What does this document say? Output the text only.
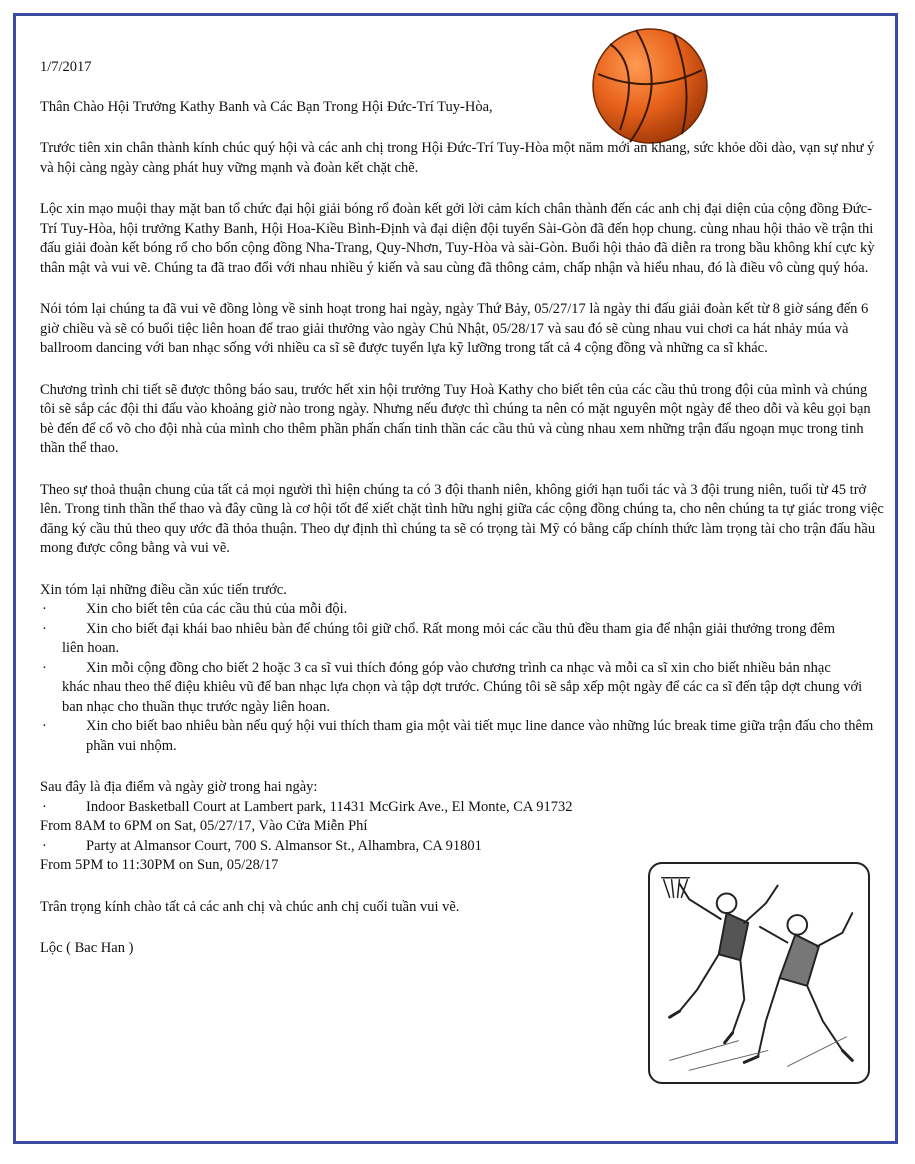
1/7/2017

Thân Chào Hội Trưởng Kathy Banh và Các Bạn Trong Hội Đức-Trí Tuy-Hòa,

Trước tiên xin chân thành kính chúc quý hội và các anh chị trong Hội Đức-Trí Tuy-Hòa một năm mới an khang, sức khỏe dồi dào, vạn sự như ý và hội càng ngày càng phát huy vững mạnh và đoàn kết chặt chẽ.

Lộc xin mạo muội thay mặt ban tổ chức đại hội giải bóng rổ đoàn kết gởi lời cảm kích chân thành đến các anh chị đại diện của cộng đồng Đức-Trí Tuy-Hòa, hội trưởng Kathy Banh, Hội Hoa-Kiều Bình-Định và đại diện đội tuyển Sài-Gòn đã đến họp chung. cùng nhau hội thảo về trận thi đấu giải đoàn kết bóng rổ cho bốn cộng đồng Nha-Trang, Quy-Nhơn, Tuy-Hòa và sài-Gòn. Buổi hội thảo đã diễn ra trong bầu không khí cực kỳ thân mật và vui vẽ. Chúng ta đã trao đổi với nhau nhiều ý kiến và sau cùng đã thông cảm, chấp nhận và hiểu nhau, đó là điều vô cùng quý hóa.

Nói tóm lại chúng ta đã vui vẽ đồng lòng về sinh hoạt trong hai ngày, ngày Thứ Bảy, 05/27/17 là ngày thi đấu giải đoàn kết từ 8 giờ sáng đến 6 giờ chiều và sẽ có buổi tiệc liên hoan để trao giải thưởng vào ngày Chủ Nhật, 05/28/17 và sau đó sẽ cùng nhau vui chơi ca hát nhảy múa và ballroom dancing với ban nhạc sống với nhiều ca sĩ sẽ được tuyển lựa kỹ lưỡng trong tất cả 4 cộng đồng và những ca sĩ khác.

Chương trình chi tiết sẽ được thông báo sau, trước hết xin hội trưởng Tuy Hoà Kathy cho biết tên của các cầu thủ trong đội của mình và chúng tôi sẽ sắp các đội thi đấu vào khoảng giờ nào trong ngày. Nhưng nếu được thì chúng ta nên có mặt nguyên một ngày để theo dỗi và kêu gọi bạn bè đến để cổ võ cho đội nhà của mình cho thêm phần phấn chấn tinh thần các cầu thủ và cùng nhau xem những trận đấu ngoạn mục trong tinh thần thể thao.

Theo sự thoả thuận chung của tất cả mọi người thì hiện chúng ta có 3 đội thanh niên, không giới hạn tuổi tác và 3 đội trung niên, tuổi từ 45 trở lên. Trong tinh thần thể thao và đây cũng là cơ hội tốt để xiết chặt tình hữu nghị giữa các cộng đồng chúng ta, cho nên chúng ta tự giác trong việc đăng ký cầu thủ theo quy ước đã thỏa thuận. Theo dự định thì chúng ta sẽ có trọng tài Mỹ có bằng cấp chính thức làm trọng tài cho trận đấu hầu mong được công bằng và vui vẽ.

Xin tóm lại những điều cần xúc tiến trước.

·	Xin cho biết tên của các cầu thủ của mỗi đội.

·	Xin cho biết đại khái bao nhiêu bàn để chúng tôi giữ chổ. Rất mong mỏi các cầu thủ đều tham gia để nhận giải thưởng trong đêm

liên hoan.

·	Xin mỗi cộng đồng cho biết 2 hoặc 3 ca sĩ vui thích đóng góp vào chương trình ca nhạc và mỗi ca sĩ xin cho biết nhiều bản nhạc

khác nhau theo thể điệu khiêu vũ để ban nhạc lựa chọn và tập dợt trước. Chúng tôi sẽ sắp xếp một ngày để các ca sĩ đến tập dợt chung với ban nhạc cho thuần thục trước ngày liên hoan.

·	Xin cho biết bao nhiêu bàn nếu quý hội vui thích tham gia một vài tiết mục line dance vào những lúc break time giữa trận đấu cho thêm phần vui nhộm.

Sau đây là địa điểm và ngày giờ trong hai ngày:

·	Indoor Basketball Court at Lambert park, 11431 McGirk Ave., El Monte, CA 91732

From 8AM to 6PM on Sat, 05/27/17, Vào Cửa Miễn Phí

·	Party at Almansor Court, 700 S. Almansor St., Alhambra, CA 91801

From 5PM to 11:30PM on Sun, 05/28/17

Trân trọng kính chào tất cả các anh chị và chúc anh chị cuối tuần vui vẽ.

Lộc ( Bac Han )
